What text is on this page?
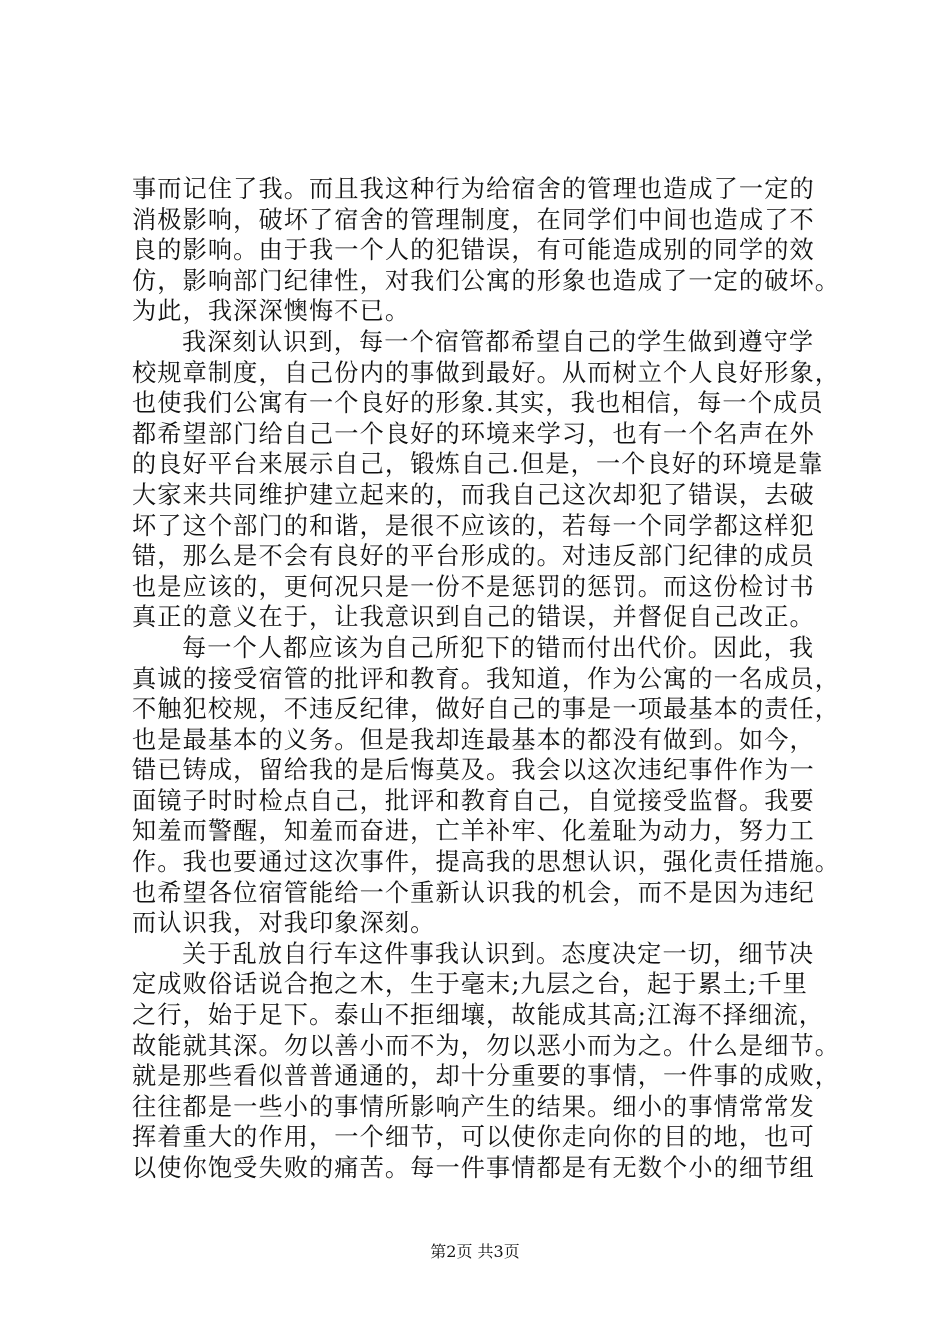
事而记住了我。而且我这种行为给宿舍的管理也造成了一定的
消极影响，破坏了宿舍的管理制度，在同学们中间也造成了不
良的影响。由于我一个人的犯错误，有可能造成别的同学的效
仿，影响部门纪律性，对我们公寓的形象也造成了一定的破坏。
为此，我深深懊悔不已。
我深刻认识到，每一个宿管都希望自己的学生做到遵守学
校规章制度，自己份内的事做到最好。从而树立个人良好形象，
也使我们公寓有一个良好的形象.其实，我也相信，每一个成员
都希望部门给自己一个良好的环境来学习，也有一个名声在外
的良好平台来展示自己，锻炼自己.但是，一个良好的环境是靠
大家来共同维护建立起来的，而我自己这次却犯了错误，去破
坏了这个部门的和谐，是很不应该的，若每一个同学都这样犯
错，那么是不会有良好的平台形成的。对违反部门纪律的成员
也是应该的，更何况只是一份不是惩罚的惩罚。而这份检讨书
真正的意义在于，让我意识到自己的错误，并督促自己改正。
每一个人都应该为自己所犯下的错而付出代价。因此，我
真诚的接受宿管的批评和教育。我知道，作为公寓的一名成员，
不触犯校规，不违反纪律，做好自己的事是一项最基本的责任，
也是最基本的义务。但是我却连最基本的都没有做到。如今，
错已铸成，留给我的是后悔莫及。我会以这次违纪事件作为一
面镜子时时检点自己，批评和教育自己，自觉接受监督。我要
知羞而警醒，知羞而奋进，亡羊补牢、化羞耻为动力，努力工
作。我也要通过这次事件，提高我的思想认识，强化责任措施。
也希望各位宿管能给一个重新认识我的机会，而不是因为违纪
而认识我，对我印象深刻。
关于乱放自行车这件事我认识到。态度决定一切，细节决
定成败俗话说合抱之木，生于毫末;九层之台，起于累土;千里
之行，始于足下。泰山不拒细壤，故能成其高;江海不择细流，
故能就其深。勿以善小而不为，勿以恶小而为之。什么是细节。
就是那些看似普普通通的，却十分重要的事情，一件事的成败，
往往都是一些小的事情所影响产生的结果。细小的事情常常发
挥着重大的作用，一个细节，可以使你走向你的目的地，也可
以使你饱受失败的痛苦。每一件事情都是有无数个小的细节组
第2页 共3页
